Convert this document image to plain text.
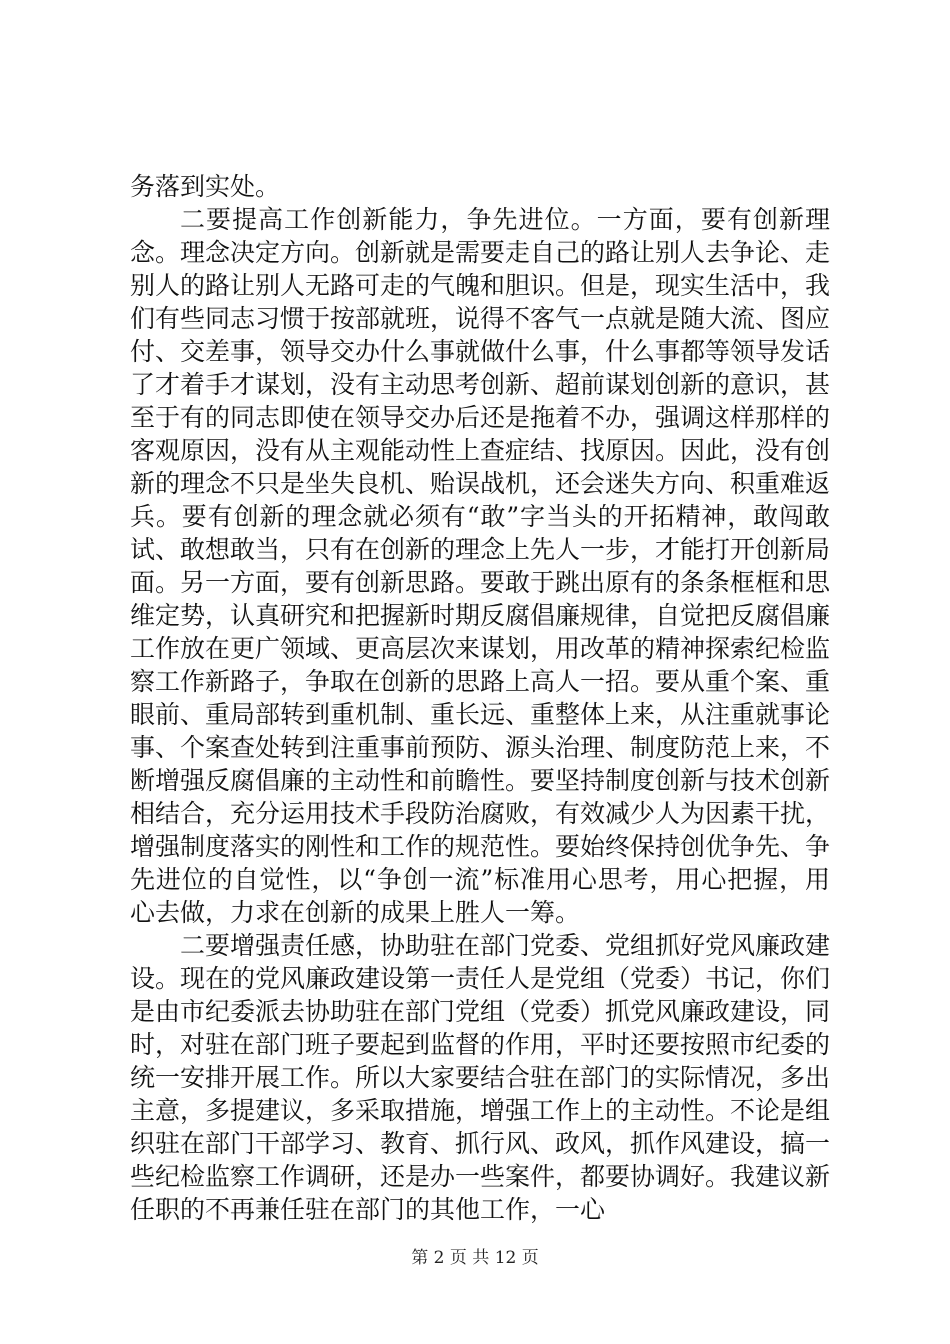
务落到实处。

二要提高工作创新能力，争先进位。一方面，要有创新理念。理念决定方向。创新就是需要走自己的路让别人去争论、走别人的路让别人无路可走的气魄和胆识。但是，现实生活中，我们有些同志习惯于按部就班，说得不客气一点就是随大流、图应付、交差事，领导交办什么事就做什么事，什么事都等领导发话了才着手才谋划，没有主动思考创新、超前谋划创新的意识，甚至于有的同志即使在领导交办后还是拖着不办，强调这样那样的客观原因，没有从主观能动性上查症结、找原因。因此，没有创新的理念不只是坐失良机、贻误战机，还会迷失方向、积重难返兵。要有创新的理念就必须有“敢”字当头的开拓精神，敢闯敢试、敢想敢当，只有在创新的理念上先人一步，才能打开创新局面。另一方面，要有创新思路。要敢于跳出原有的条条框框和思维定势，认真研究和把握新时期反腐倡廉规律，自觉把反腐倡廉工作放在更广领域、更高层次来谋划，用改革的精神探索纪检监察工作新路子，争取在创新的思路上高人一招。要从重个案、重眼前、重局部转到重机制、重长远、重整体上来，从注重就事论事、个案查处转到注重事前预防、源头治理、制度防范上来，不断增强反腐倡廉的主动性和前瞻性。要坚持制度创新与技术创新相结合，充分运用技术手段防治腐败，有效减少人为因素干扰，增强制度落实的刚性和工作的规范性。要始终保持创优争先、争先进位的自觉性，以“争创一流”标准用心思考，用心把握，用心去做，力求在创新的成果上胜人一筹。

二要增强责任感，协助驻在部门党委、党组抓好党风廉政建设。现在的党风廉政建设第一责任人是党组（党委）书记，你们是由市纪委派去协助驻在部门党组（党委）抓党风廉政建设，同时，对驻在部门班子要起到监督的作用，平时还要按照市纪委的统一安排开展工作。所以大家要结合驻在部门的实际情况，多出主意，多提建议，多采取措施，增强工作上的主动性。不论是组织驻在部门干部学习、教育、抓行风、政风，抓作风建设，搞一些纪检监察工作调研，还是办一些案件，都要协调好。我建议新任职的不再兼任驻在部门的其他工作，一心

第 2 页 共 12 页
